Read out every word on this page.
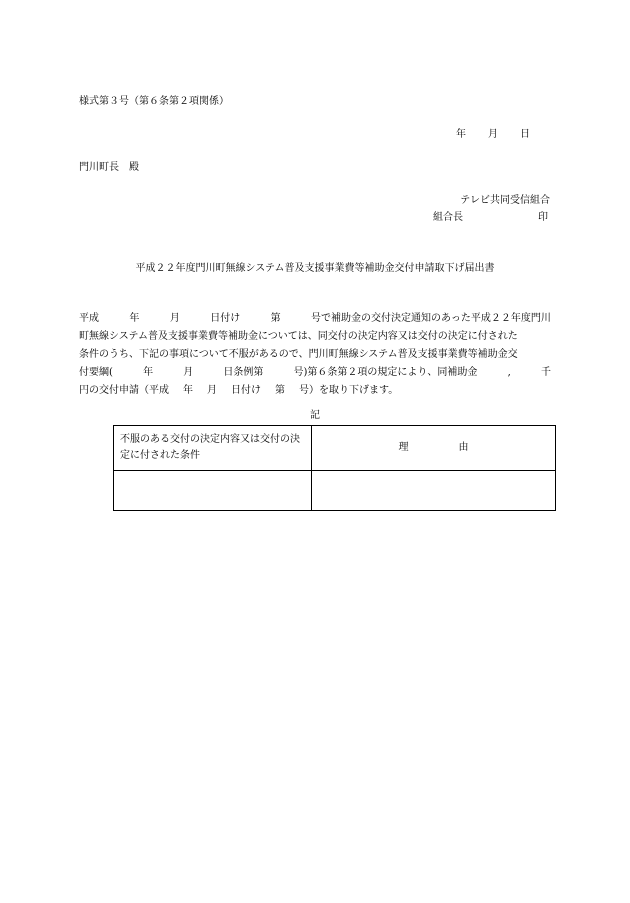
様式第３号（第６条第２項関係）
年 月 日
門川町長　殿
テレビ共同受信組合
組合長	印
平成２２年度門川町無線システム普及支援事業費等補助金交付申請取下げ届出書
平成	年	月	日付け	第	号で補助金の交付決定通知のあった平成２２年度門川
町無線システム普及支援事業費等補助金については、同交付の決定内容又は交付の決定に付された
条件のうち、下記の事項について不服があるので、門川町無線システム普及支援事業費等補助金交
付要綱(	年	月	日条例第	号)第６条第２項の規定により、同補助金	,	千
円の交付申請（平成 年 月 日付け 第 号）を取り下げます。
記
不服のある交付の決定内容又は交付の決定に付された条件	理由
